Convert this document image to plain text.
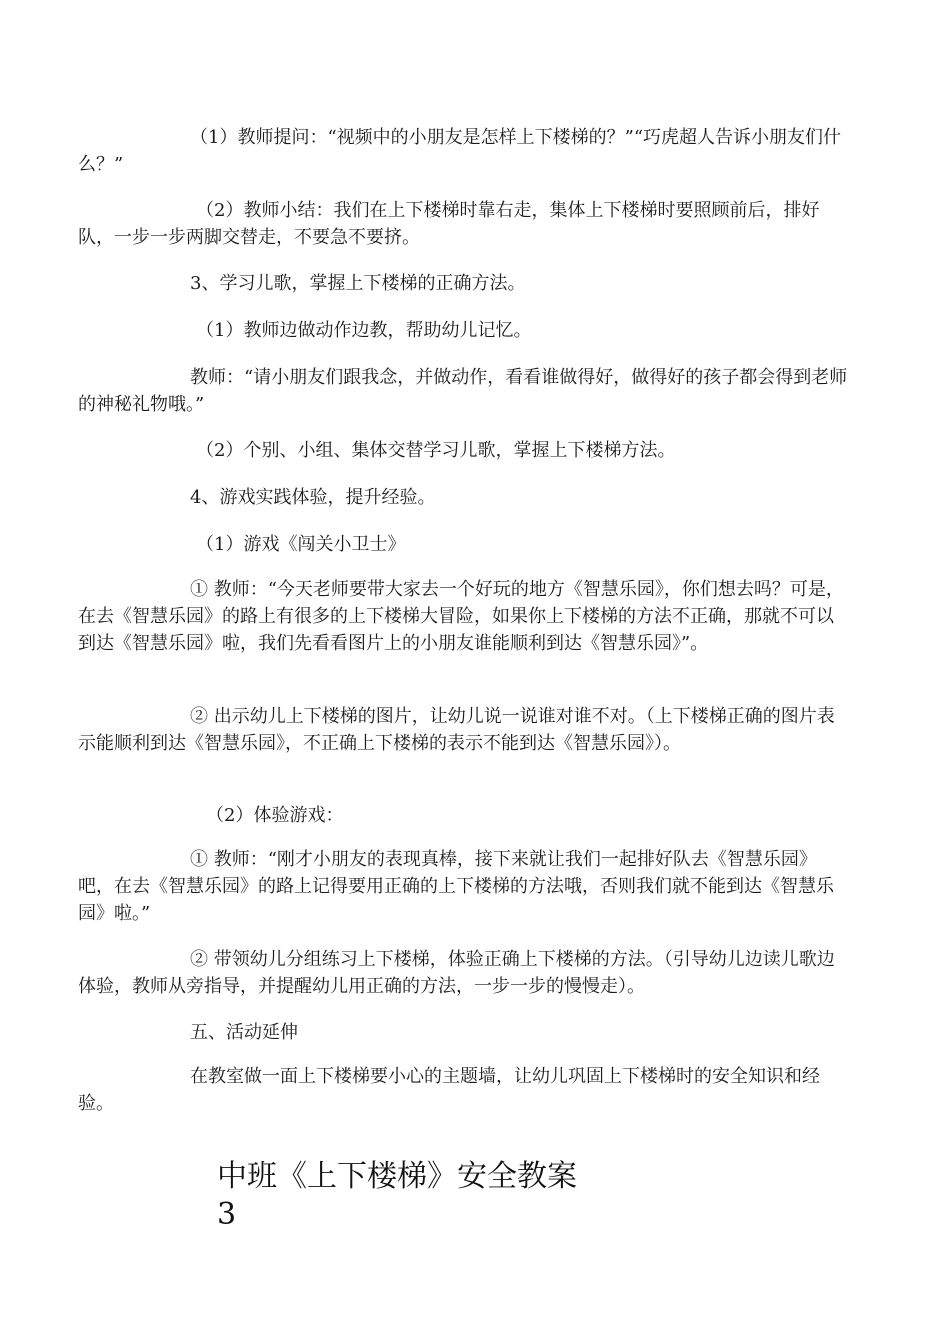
（1）教师提问：“视频中的小朋友是怎样上下楼梯的？”“巧虎超人告诉小朋友们什么？”

（2）教师小结：我们在上下楼梯时靠右走，集体上下楼梯时要照顾前后，排好队，一步一步两脚交替走，不要急不要挤。

3、学习儿歌，掌握上下楼梯的正确方法。

（1）教师边做动作边教，帮助幼儿记忆。

教师：“请小朋友们跟我念，并做动作，看看谁做得好，做得好的孩子都会得到老师的神秘礼物哦。”

（2）个别、小组、集体交替学习儿歌，掌握上下楼梯方法。

4、游戏实践体验，提升经验。

（1）游戏《闯关小卫士》

① 教师：“今天老师要带大家去一个好玩的地方《智慧乐园》，你们想去吗？可是，在去《智慧乐园》的路上有很多的上下楼梯大冒险，如果你上下楼梯的方法不正确，那就不可以到达《智慧乐园》啦，我们先看看图片上的小朋友谁能顺利到达《智慧乐园》”。

② 出示幼儿上下楼梯的图片，让幼儿说一说谁对谁不对。（上下楼梯正确的图片表示能顺利到达《智慧乐园》，不正确上下楼梯的表示不能到达《智慧乐园》）。

（2）体验游戏：

① 教师：“刚才小朋友的表现真棒，接下来就让我们一起排好队去《智慧乐园》吧，在去《智慧乐园》的路上记得要用正确的上下楼梯的方法哦，否则我们就不能到达《智慧乐园》啦。”

② 带领幼儿分组练习上下楼梯，体验正确上下楼梯的方法。（引导幼儿边读儿歌边体验，教师从旁指导，并提醒幼儿用正确的方法，一步一步的慢慢走）。

五、活动延伸

在教室做一面上下楼梯要小心的主题墙，让幼儿巩固上下楼梯时的安全知识和经验。

中班《上下楼梯》安全教案
3
